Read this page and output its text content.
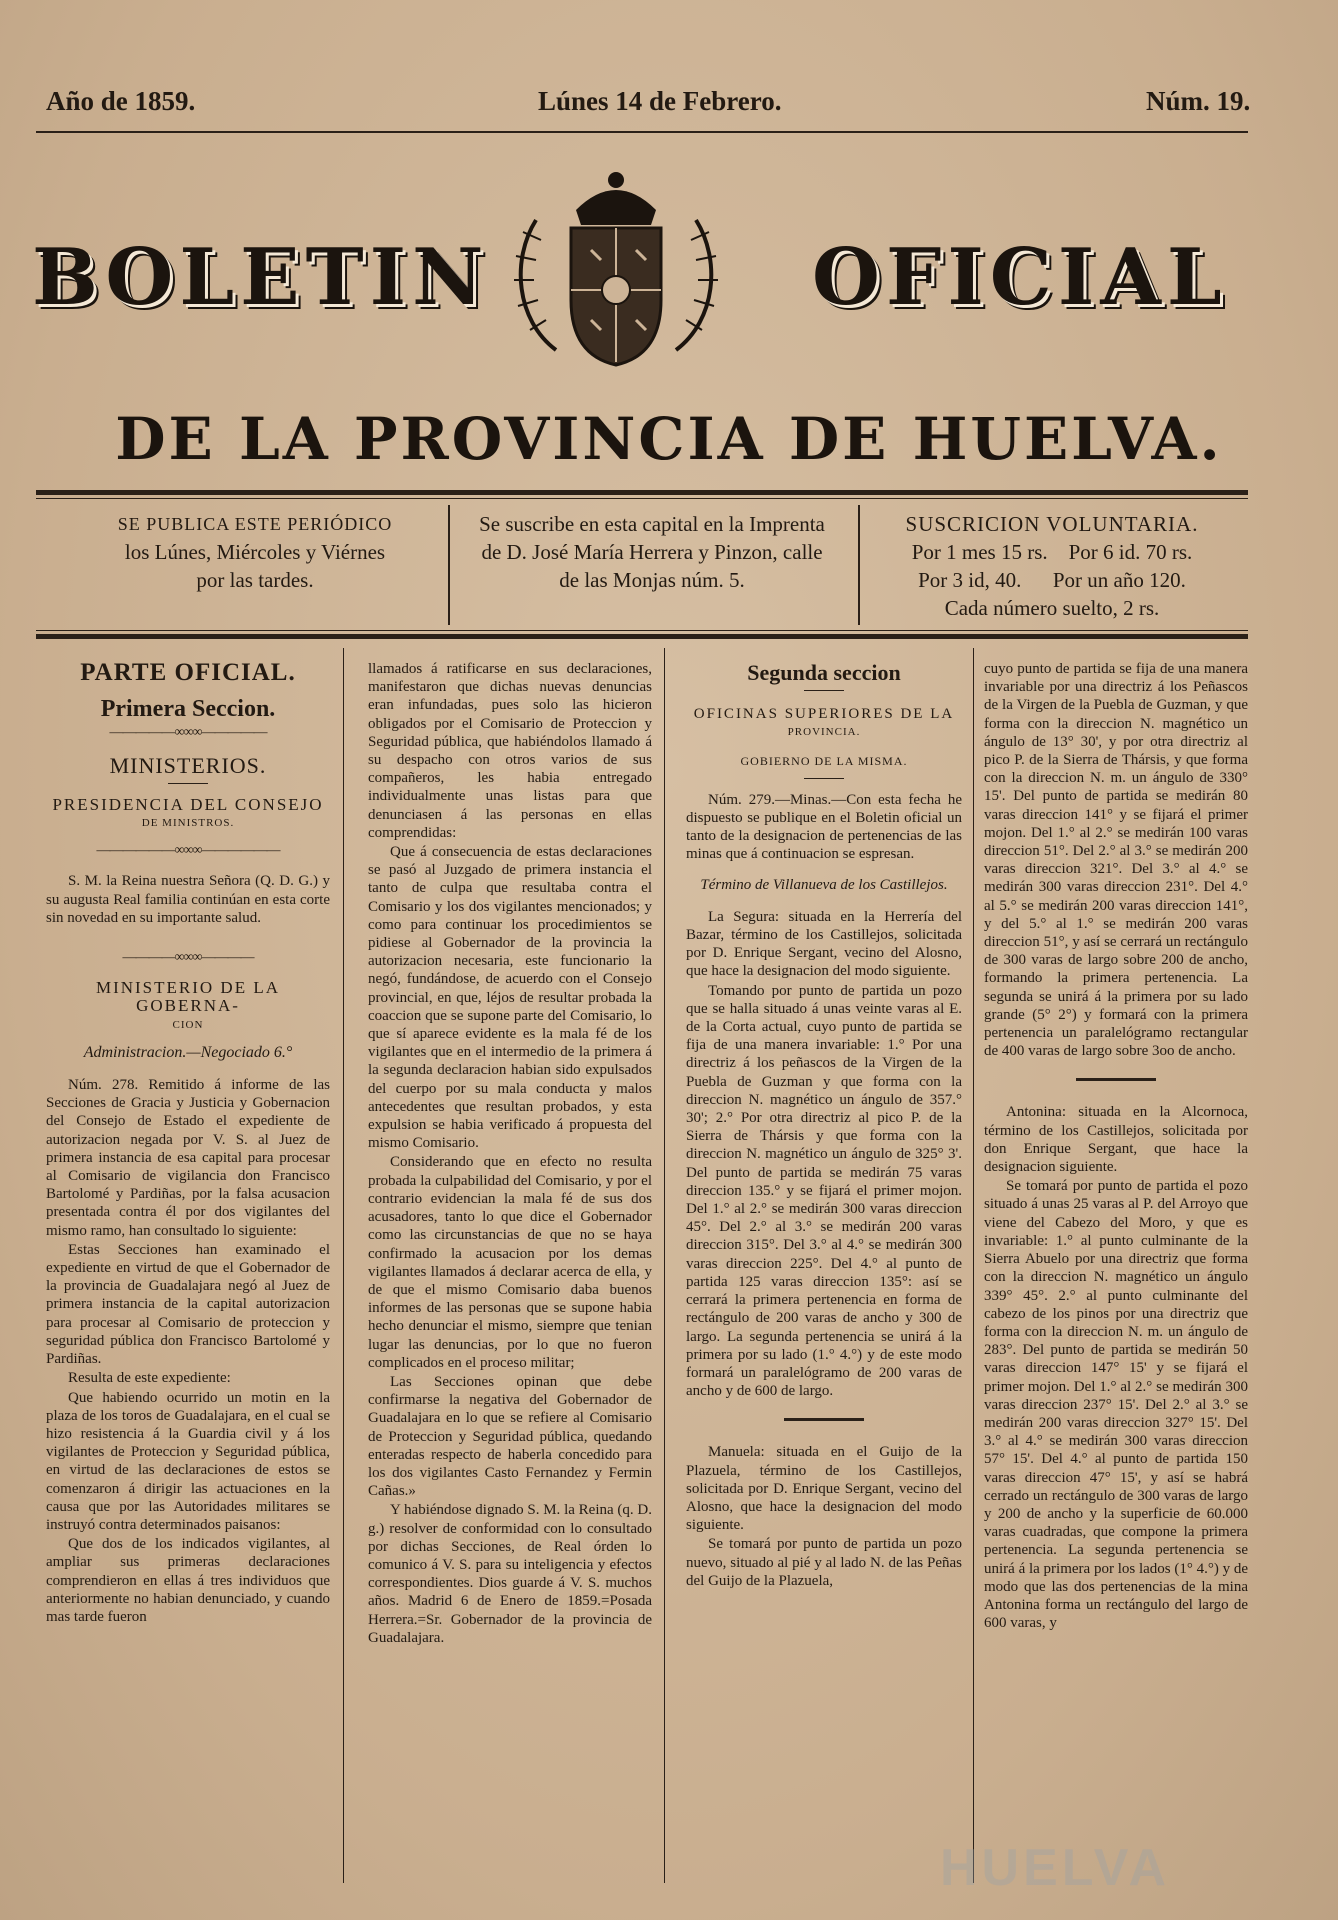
Año de 1859.	Lúnes 14 de Febrero.	Núm. 19.
BOLETIN	OFICIAL
DE LA PROVINCIA DE HUELVA.
SE PUBLICA ESTE PERIÓDICO
los Lúnes, Miércoles y Viérnes
por las tardes.
Se suscribe en esta capital en la Imprenta
de D. José María Herrera y Pinzon, calle
de las Monjas núm. 5.
SUSCRICION VOLUNTARIA.
Por 1 mes 15 rs.    Por 6 id. 70 rs.
Por 3 id, 40.      Por un año 120.
Cada número suelto, 2 rs.

PARTE OFICIAL.

Primera Seccion.

—————∞∞∞—————

MINISTERIOS.

PRESIDENCIA DEL CONSEJO

DE MINISTROS.

——————∞∞∞——————

S. M. la Reina nuestra Señora (Q. D. G.) y su augusta Real familia continúan en esta corte sin novedad en su importante salud.

————∞∞∞————

MINISTERIO DE LA GOBERNA-

CION

Administracion.—Negociado 6.°

Núm. 278. Remitido á informe de las Secciones de Gracia y Justicia y Gobernacion del Consejo de Estado el expediente de autorizacion negada por V. S. al Juez de primera instancia de esa capital para procesar al Comisario de vigilancia don Francisco Bartolomé y Pardiñas, por la falsa acusacion presentada contra él por dos vigilantes del mismo ramo, han consultado lo siguiente:

Estas Secciones han examinado el expediente en virtud de que el Gobernador de la provincia de Guadalajara negó al Juez de primera instancia de la capital autorizacion para procesar al Comisario de proteccion y seguridad pública don Francisco Bartolomé y Pardiñas.

Resulta de este expediente:

Que habiendo ocurrido un motin en la plaza de los toros de Guadalajara, en el cual se hizo resistencia á la Guardia civil y á los vigilantes de Proteccion y Seguridad pública, en virtud de las declaraciones de estos se comenzaron á dirigir las actuaciones en la causa que por las Autoridades militares se instruyó contra determinados paisanos:

Que dos de los indicados vigilantes, al ampliar sus primeras declaraciones comprendieron en ellas á tres individuos que anteriormente no habian denunciado, y cuando mas tarde fueron

llamados á ratificarse en sus declaraciones, manifestaron que dichas nuevas denuncias eran infundadas, pues solo las hicieron obligados por el Comisario de Proteccion y Seguridad pública, que habiéndolos llamado á su despacho con otros varios de sus compañeros, les habia entregado individualmente unas listas para que denunciasen á las personas en ellas comprendidas:

Que á consecuencia de estas declaraciones se pasó al Juzgado de primera instancia el tanto de culpa que resultaba contra el Comisario y los dos vigilantes mencionados; y como para continuar los procedimientos se pidiese al Gobernador de la provincia la autorizacion necesaria, este funcionario la negó, fundándose, de acuerdo con el Consejo provincial, en que, léjos de resultar probada la coaccion que se supone parte del Comisario, lo que sí aparece evidente es la mala fé de los vigilantes que en el intermedio de la primera á la segunda declaracion habian sido expulsados del cuerpo por su mala conducta y malos antecedentes que resultan probados, y esta expulsion se habia verificado á propuesta del mismo Comisario.

Considerando que en efecto no resulta probada la culpabilidad del Comisario, y por el contrario evidencian la mala fé de sus dos acusadores, tanto lo que dice el Gobernador como las circunstancias de que no se haya confirmado la acusacion por los demas vigilantes llamados á declarar acerca de ella, y de que el mismo Comisario daba buenos informes de las personas que se supone habia hecho denunciar el mismo, siempre que tenian lugar las denuncias, por lo que no fueron complicados en el proceso militar;

Las Secciones opinan que debe confirmarse la negativa del Gobernador de Guadalajara en lo que se refiere al Comisario de Proteccion y Seguridad pública, quedando enteradas respecto de haberla concedido para los dos vigilantes Casto Fernandez y Fermin Cañas.»

Y habiéndose dignado S. M. la Reina (q. D. g.) resolver de conformidad con lo consultado por dichas Secciones, de Real órden lo comunico á V. S. para su inteligencia y efectos correspondientes. Dios guarde á V. S. muchos años. Madrid 6 de Enero de 1859.=Posada Herrera.=Sr. Gobernador de la provincia de Guadalajara.

Segunda seccion

OFICINAS SUPERIORES DE LA

PROVINCIA.

GOBIERNO DE LA MISMA.

Núm. 279.—Minas.—Con esta fecha he dispuesto se publique en el Boletin oficial un tanto de la designacion de pertenencias de las minas que á continuacion se espresan.

Término de Villanueva de los Castillejos.

La Segura: situada en la Herrería del Bazar, término de los Castillejos, solicitada por D. Enrique Sergant, vecino del Alosno, que hace la designacion del modo siguiente.

Tomando por punto de partida un pozo que se halla situado á unas veinte varas al E. de la Corta actual, cuyo punto de partida se fija de una manera invariable: 1.° Por una directriz á los peñascos de la Virgen de la Puebla de Guzman y que forma con la direccion N. magnético un ángulo de 357.° 30'; 2.° Por otra directriz al pico P. de la Sierra de Thársis y que forma con la direccion N. magnético un ángulo de 325° 3'. Del punto de partida se medirán 75 varas direccion 135.° y se fijará el primer mojon. Del 1.° al 2.° se medirán 300 varas direccion 45°. Del 2.° al 3.° se medirán 200 varas direccion 315°. Del 3.° al 4.° se medirán 300 varas direccion 225°. Del 4.° al punto de partida 125 varas direccion 135°: así se cerrará la primera pertenencia en forma de rectángulo de 200 varas de ancho y 300 de largo. La segunda pertenencia se unirá á la primera por su lado (1.° 4.°) y de este modo formará un paralelógramo de 200 varas de ancho y de 600 de largo.

Manuela: situada en el Guijo de la Plazuela, término de los Castillejos, solicitada por D. Enrique Sergant, vecino del Alosno, que hace la designacion del modo siguiente.

Se tomará por punto de partida un pozo nuevo, situado al pié y al lado N. de las Peñas del Guijo de la Plazuela,

cuyo punto de partida se fija de una manera invariable por una directriz á los Peñascos de la Virgen de la Puebla de Guzman, y que forma con la direccion N. magnético un ángulo de 13° 30', y por otra directriz al pico P. de la Sierra de Thársis, y que forma con la direccion N. m. un ángulo de 330° 15'. Del punto de partida se medirán 80 varas direccion 141° y se fijará el primer mojon. Del 1.° al 2.° se medirán 100 varas direccion 51°. Del 2.° al 3.° se medirán 200 varas direccion 321°. Del 3.° al 4.° se medirán 300 varas direccion 231°. Del 4.° al 5.° se medirán 200 varas direccion 141°, y del 5.° al 1.° se medirán 200 varas direccion 51°, y así se cerrará un rectángulo de 300 varas de largo sobre 200 de ancho, formando la primera pertenencia. La segunda se unirá á la primera por su lado grande (5° 2°) y formará con la primera pertenencia un paralelógramo rectangular de 400 varas de largo sobre 3oo de ancho.

Antonina: situada en la Alcornoca, término de los Castillejos, solicitada por don Enrique Sergant, que hace la designacion siguiente.

Se tomará por punto de partida el pozo situado á unas 25 varas al P. del Arroyo que viene del Cabezo del Moro, y que es invariable: 1.° al punto culminante de la Sierra Abuelo por una directriz que forma con la direccion N. magnético un ángulo 339° 45°. 2.° al punto culminante del cabezo de los pinos por una directriz que forma con la direccion N. m. un ángulo de 283°. Del punto de partida se medirán 50 varas direccion 147° 15' y se fijará el primer mojon. Del 1.° al 2.° se medirán 300 varas direccion 237° 15'. Del 2.° al 3.° se medirán 200 varas direccion 327° 15'. Del 3.° al 4.° se medirán 300 varas direccion 57° 15'. Del 4.° al punto de partida 150 varas direccion 47° 15', y así se habrá cerrado un rectángulo de 300 varas de largo y 200 de ancho y la superficie de 60.000 varas cuadradas, que compone la primera pertenencia. La segunda pertenencia se unirá á la primera por los lados (1° 4.°) y de modo que las dos pertenencias de la mina Antonina forma un rectángulo del largo de 600 varas, y

HUELVA
